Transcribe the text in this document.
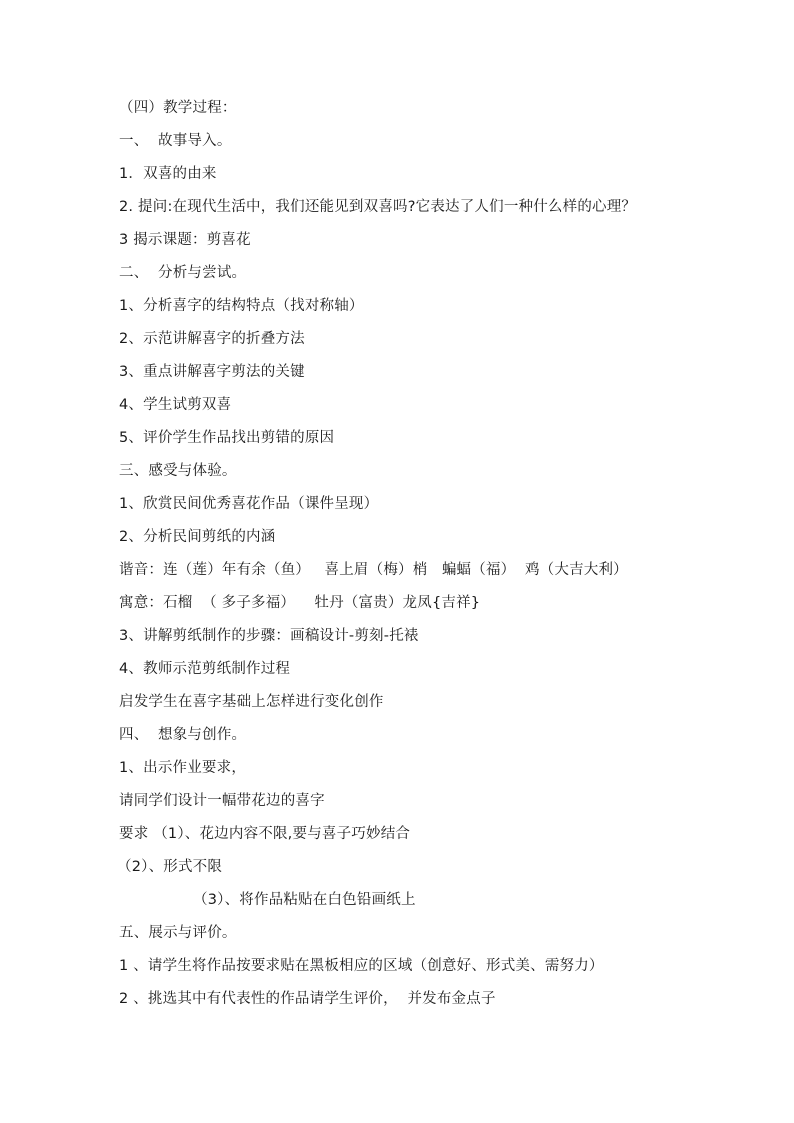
（四）教学过程：
一、  故事导入。
1．双喜的由来
2. 提问:在现代生活中，我们还能见到双喜吗?它表达了人们一种什么样的心理？
3 揭示课题：剪喜花
二、  分析与尝试。
1、分析喜字的结构特点（找对称轴）
2、示范讲解喜字的折叠方法
3、重点讲解喜字剪法的关键
4、学生试剪双喜
5、评价学生作品找出剪错的原因
三、感受与体验。
1、欣赏民间优秀喜花作品（课件呈现）
2、分析民间剪纸的内涵
谐音：连（莲）年有余（鱼）   喜上眉（梅）梢   蝙蝠（福）  鸡（大吉大利）
寓意：石榴  （ 多子多福）    牡丹（富贵）龙凤{吉祥}
3、讲解剪纸制作的步骤：画稿设计-剪刻-托裱
4、教师示范剪纸制作过程
启发学生在喜字基础上怎样进行变化创作
四、  想象与创作。
1、出示作业要求，
请同学们设计一幅带花边的喜字
要求 （1）、花边内容不限,要与喜子巧妙结合
（2）、形式不限
（3）、将作品粘贴在白色铅画纸上
五、展示与评价。
1 、请学生将作品按要求贴在黑板相应的区域（创意好、形式美、需努力）
2 、挑选其中有代表性的作品请学生评价，  并发布金点子
